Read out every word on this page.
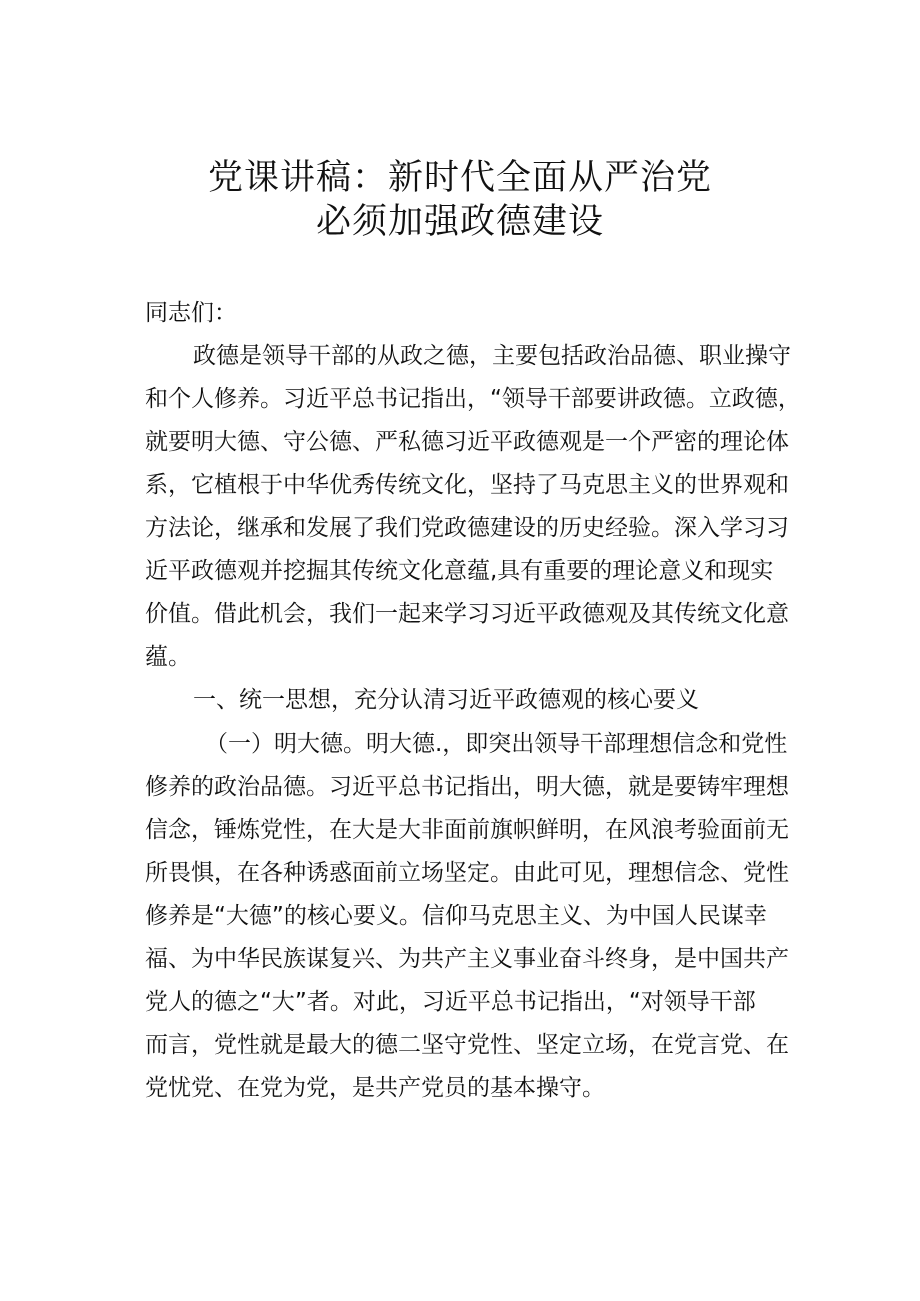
党课讲稿：新时代全面从严治党
必须加强政德建设
同志们：
政德是领导干部的从政之德，主要包括政治品德、职业操守
和个人修养。习近平总书记指出，“领导干部要讲政德。立政德，
就要明大德、守公德、严私德习近平政德观是一个严密的理论体
系，它植根于中华优秀传统文化，坚持了马克思主义的世界观和
方法论，继承和发展了我们党政德建设的历史经验。深入学习习
近平政德观并挖掘其传统文化意蕴,具有重要的理论意义和现实
价值。借此机会，我们一起来学习习近平政德观及其传统文化意
蕴。
一、统一思想，充分认清习近平政德观的核心要义
（一）明大德。明大德.，即突出领导干部理想信念和党性
修养的政治品德。习近平总书记指出，明大德，就是要铸牢理想
信念，锤炼党性，在大是大非面前旗帜鲜明，在风浪考验面前无
所畏惧，在各种诱惑面前立场坚定。由此可见，理想信念、党性
修养是“大德”的核心要义。信仰马克思主义、为中国人民谋幸
福、为中华民族谋复兴、为共产主义事业奋斗终身，是中国共产
党人的德之“大”者。对此，习近平总书记指出，“对领导干部
而言，党性就是最大的德二坚守党性、坚定立场，在党言党、在
党忧党、在党为党，是共产党员的基本操守。
